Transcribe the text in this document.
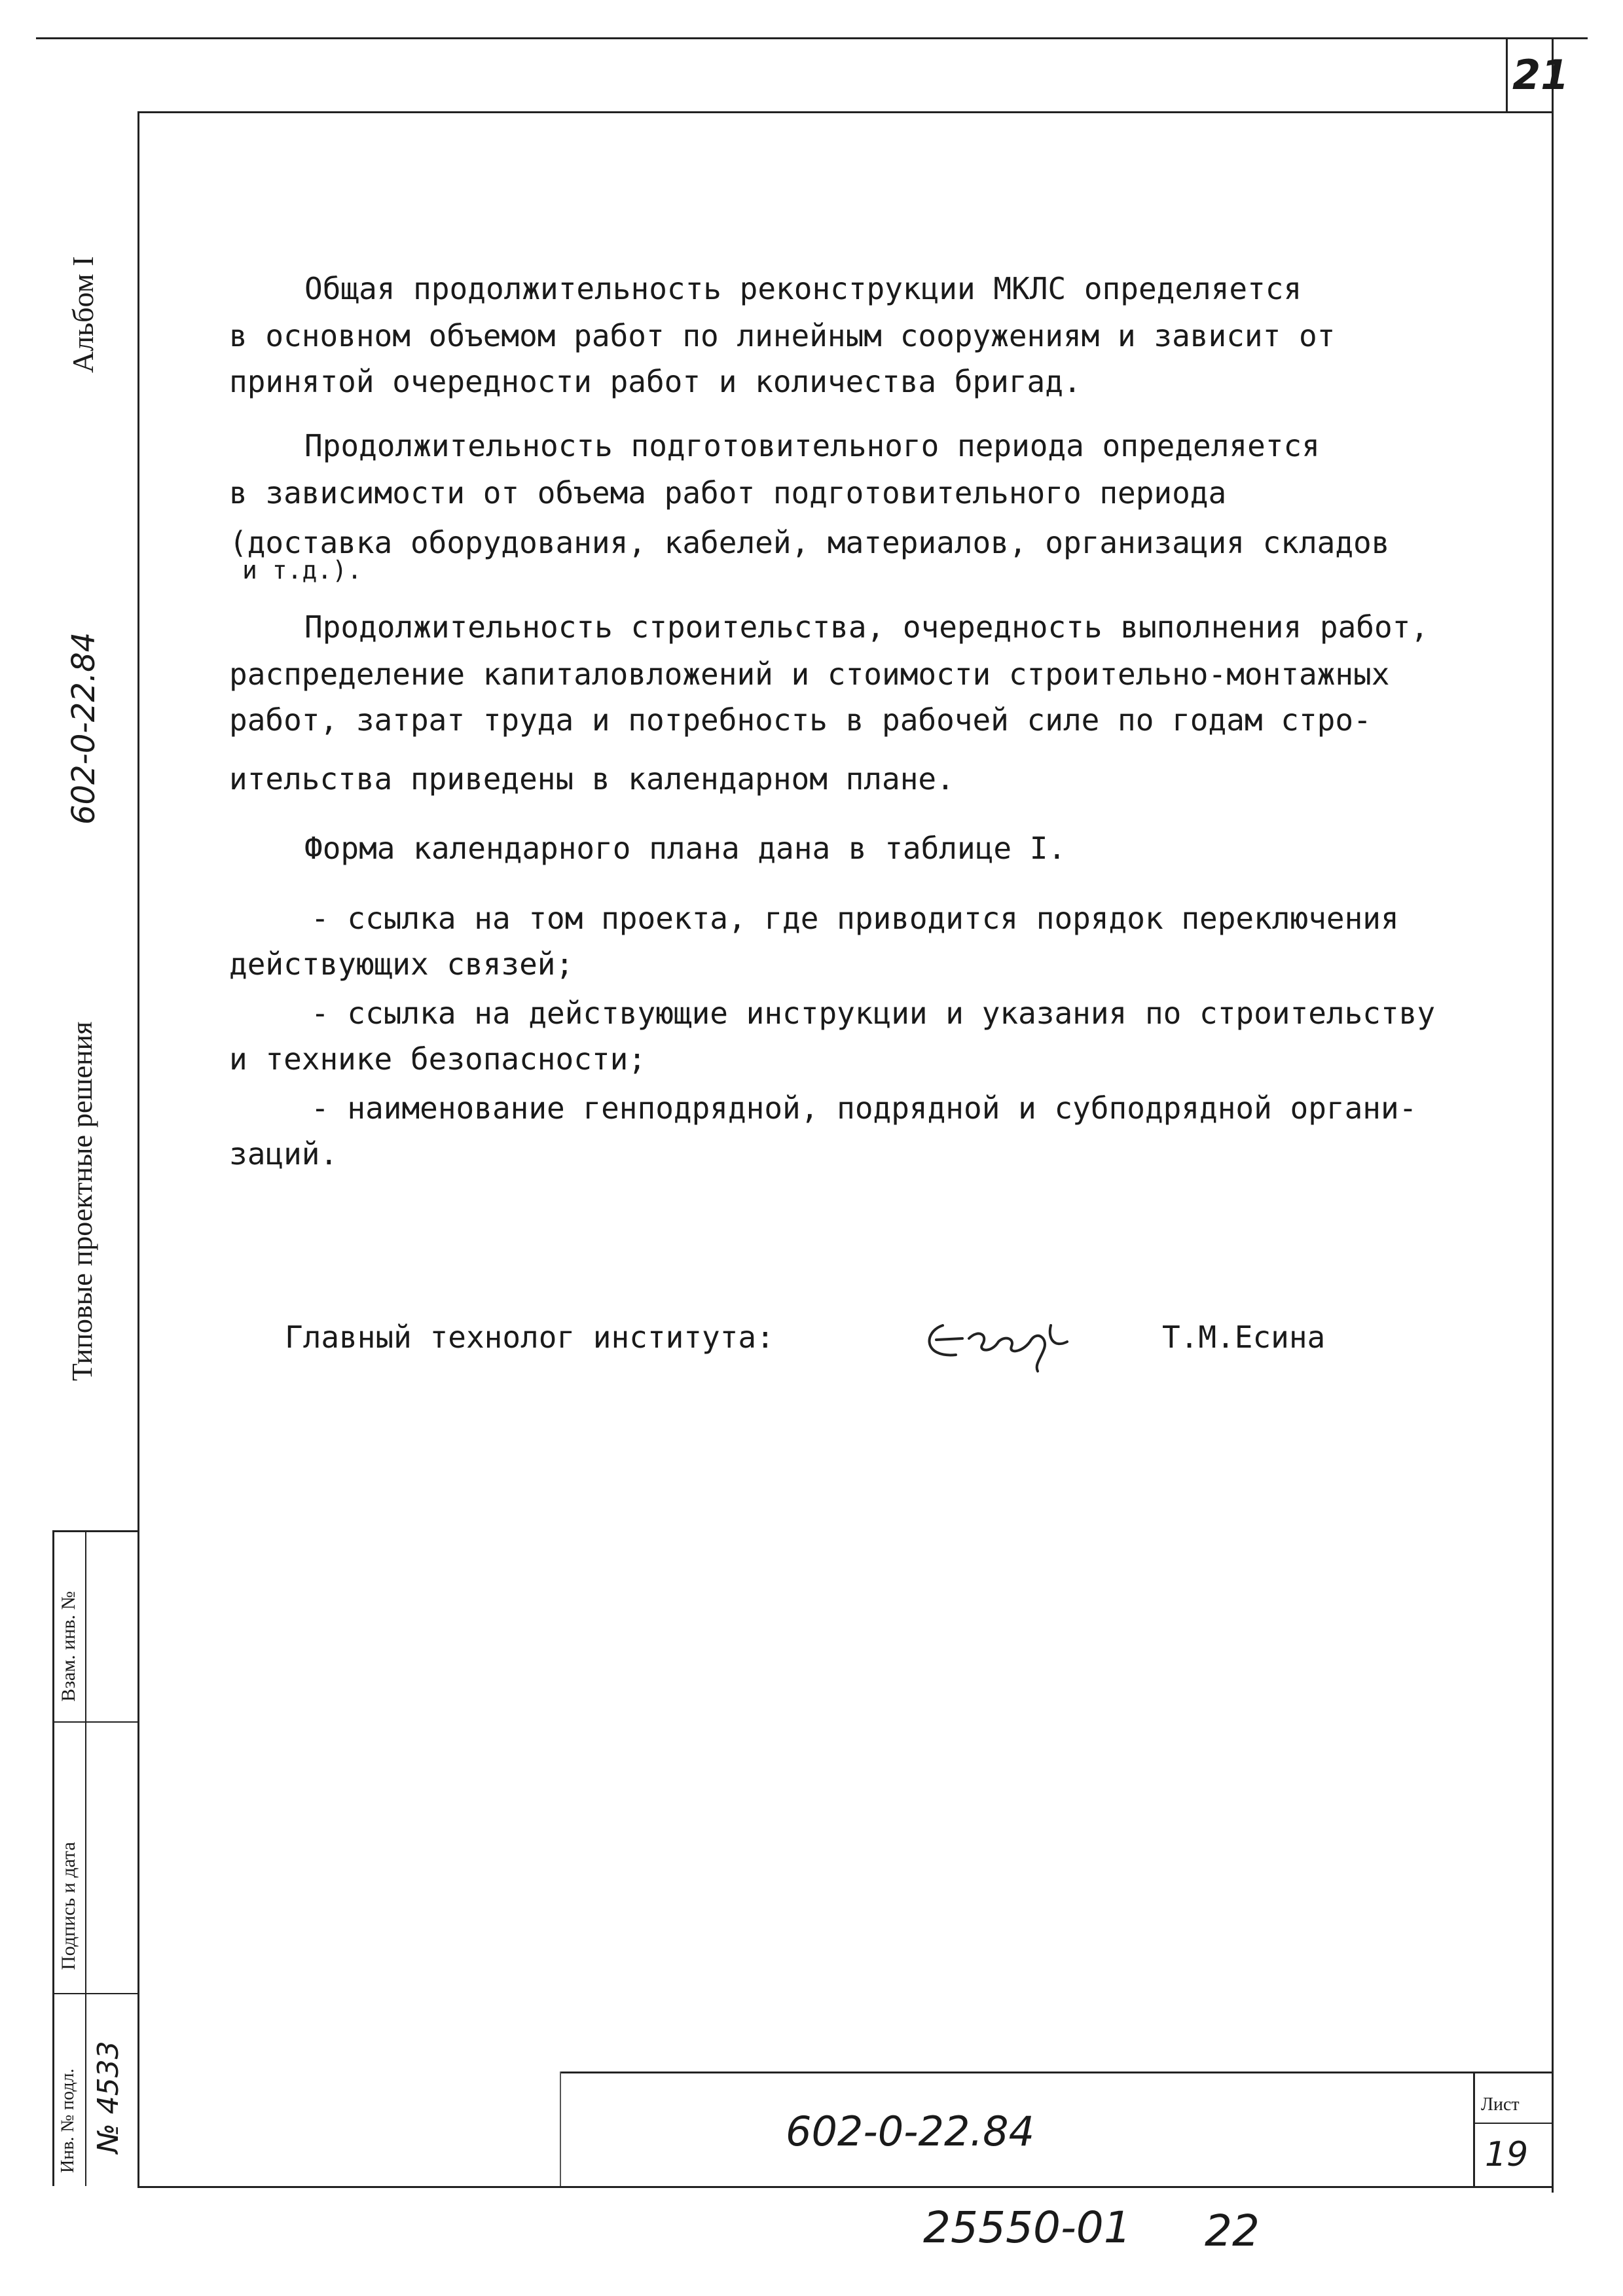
21
Альбом I
602-0-22.84
Типовые проектные решения
Взам. инв. №
Подпись и дата
Инв. № подл. № 4533
Общая продолжительность реконструкции МКЛС определяется
в основном объемом работ по линейным сооружениям и зависит от
принятой очередности работ и количества бригад.
Продолжительность подготовительного периода определяется
в зависимости от объема работ подготовительного периода
(доставка оборудования, кабелей, материалов, организация складов
и т.д.).
Продолжительность строительства, очередность выполнения работ,
распределение капиталовложений и стоимости строительно-монтажных
работ, затрат труда и потребность в рабочей силе по годам стро-
ительства приведены в календарном плане.
Форма календарного плана дана в таблице I.
- ссылка на том проекта, где приводится порядок переключения
действующих связей;
- ссылка на действующие инструкции и указания по строительству
и технике безопасности;
- наименование генподрядной, подрядной и субподрядной органи-
заций.
Главный технолог института:	Т.М.Есина
Лист
19
602-0-22.84
25550-01 22
